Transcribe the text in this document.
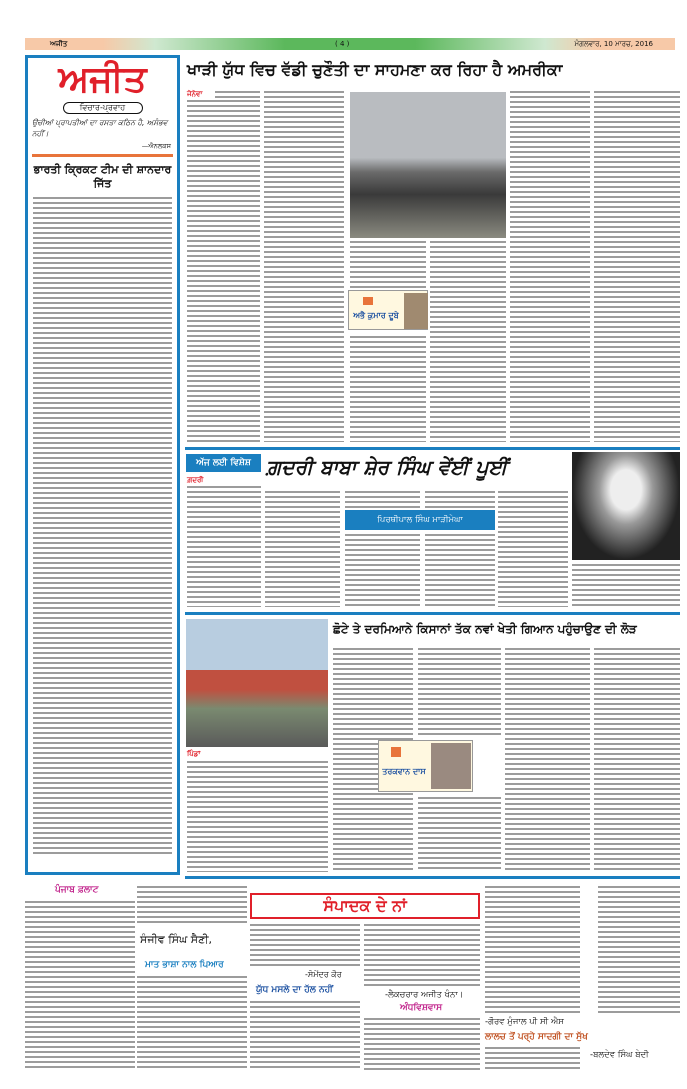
ਅਜੀਤ	( 4 )	ਮੰਗਲਵਾਰ, 10 ਮਾਰਚ, 2016
ਅਜੀਤ
ਵਿਚਾਰ-ਪ੍ਰਵਾਹ
ਉਚੀਆਂ ਪ੍ਰਾਪਤੀਆਂ ਦਾ ਰਸਤਾ ਕਠਿਨ ਹੈ, ਅਸੰਭਵ ਨਹੀਂ।
—ਐਨਲਕਸ
ਭਾਰਤੀ ਕ੍ਰਿਕਟ ਟੀਮ ਦੀ ਸ਼ਾਨਦਾਰ ਜਿੱਤ
ਖਾੜੀ ਯੁੱਧ ਵਿਚ ਵੱਡੀ ਚੁਣੌਤੀ ਦਾ ਸਾਹਮਣਾ ਕਰ ਰਿਹਾ ਹੈ ਅਮਰੀਕਾ
ਜੇਨੇਵਾ
ਅਭੈ ਕੁਮਾਰ ਦੂਬੇ
ਅੱਜ ਲਈ ਵਿਸ਼ੇਸ਼ ਗ਼ਦਰੀ ਬਾਬਾ ਸ਼ੇਰ ਸਿੰਘ ਵੇਂਈਂ ਪੂਈਂ
ਗ਼ਦਰੀ
ਪਿਰਥੀਪਾਲ ਸਿੰਘ ਮਾੜੀਮੇਘਾ
ਛੋਟੇ ਤੇ ਦਰਮਿਆਨੇ ਕਿਸਾਨਾਂ ਤੱਕ ਨਵਾਂ ਖੇਤੀ ਗਿਆਨ ਪਹੁੰਚਾਉਣ ਦੀ ਲੋੜ
ਪਿੰਡਾਂ
ਤਰਕਵਾਨ ਦਾਸ
ਪੰਜਾਬ ਫ਼ਲਾਟ
ਸੰਜੀਵ ਸਿੰਘ ਸੈਣੀ,
ਮਾਤ ਭਾਸ਼ਾ ਨਾਲ ਪਿਆਰ
ਸੰਪਾਦਕ ਦੇ ਨਾਂ
-ਸੋਮੇਂਦਰ ਕੌਰ
ਯੁੱਧ ਮਸਲੇ ਦਾ ਹੱਲ ਨਹੀਂ	-ਲੈਕਚਰਾਰ ਅਜੀਤ ਖੰਨਾ।
ਅੰਧਵਿਸ਼ਵਾਸ
-ਗੌਰਵ ਮੁੰਜਾਲ ਪੀ ਸੀ ਐਸ
ਲਾਲਚ ਤੋਂ ਪਰ੍ਹੇ ਸਾਦਗੀ ਦਾ ਸੁੱਖ
-ਬਲਦੇਵ ਸਿੰਘ ਬੇਦੀ
